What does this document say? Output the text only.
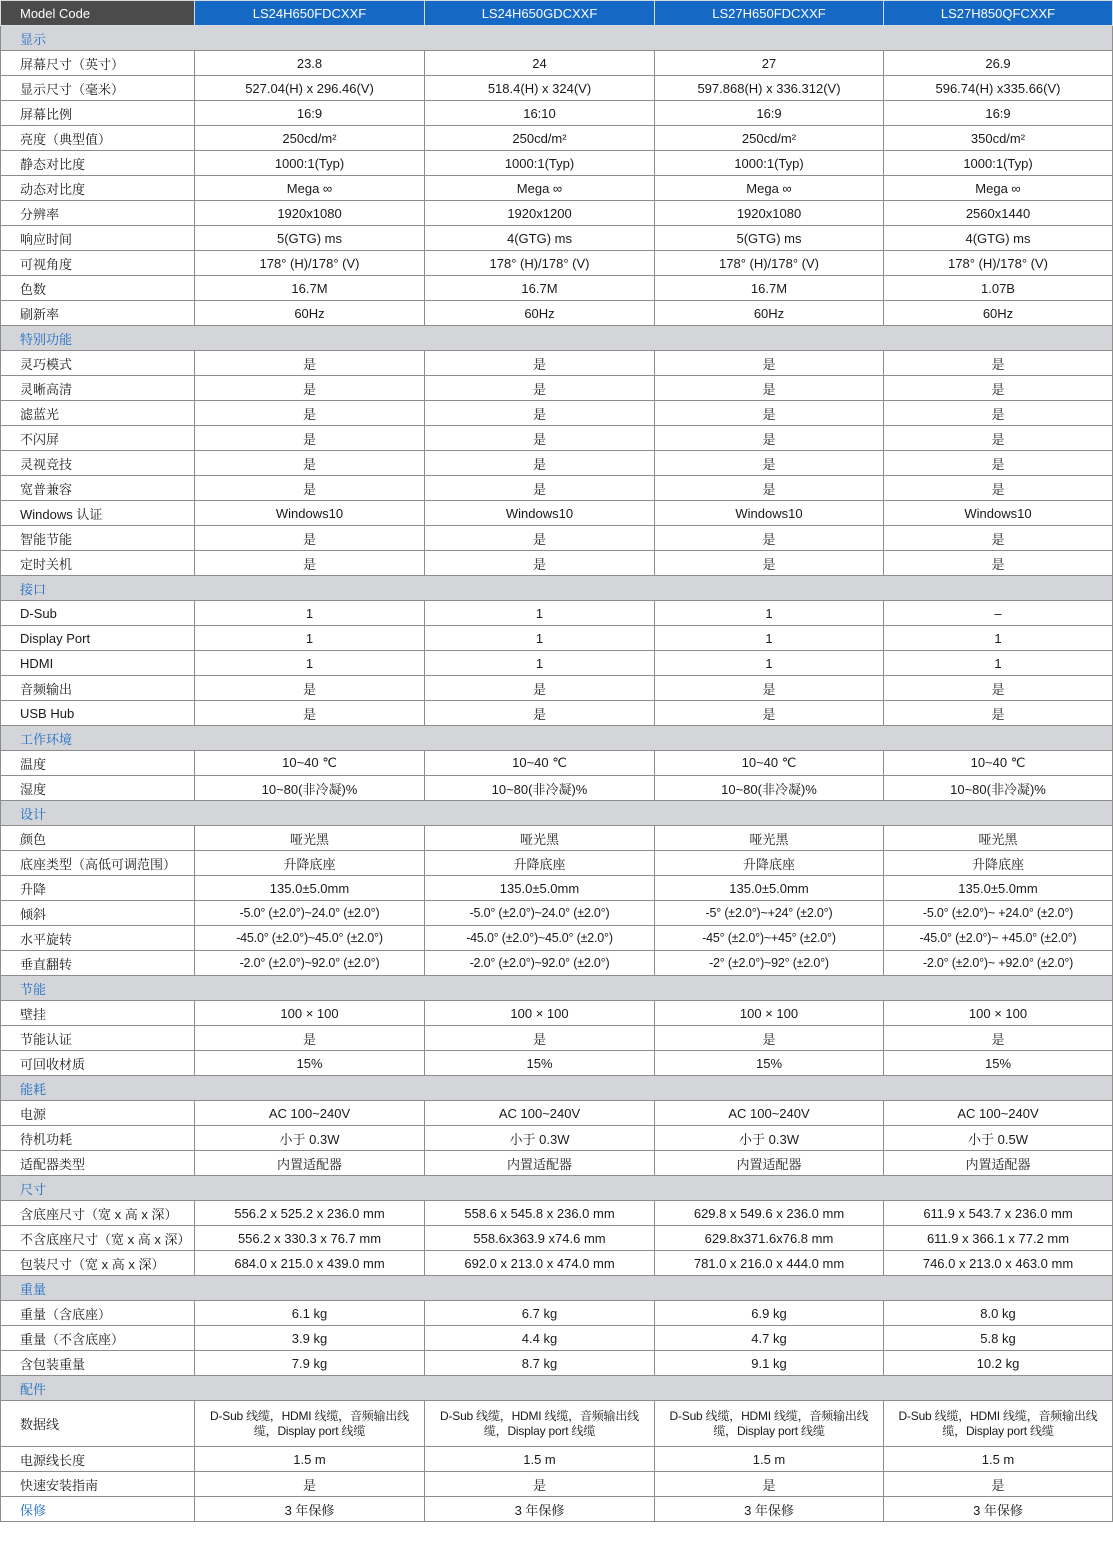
Model Code	LS24H650FDCXXF	LS24H650GDCXXF	LS27H650FDCXXF	LS27H850QFCXXF
显示				
屏幕尺寸（英寸）	23.8	24	27	26.9
显示尺寸（毫米）	527.04(H) x 296.46(V)	518.4(H) x 324(V)	597.868(H) x 336.312(V)	596.74(H) x335.66(V)
屏幕比例	16:9	16:10	16:9	16:9
亮度（典型值）	250cd/m²	250cd/m²	250cd/m²	350cd/m²
静态对比度	1000:1(Typ)	1000:1(Typ)	1000:1(Typ)	1000:1(Typ)
动态对比度	Mega ∞	Mega ∞	Mega ∞	Mega ∞
分辨率	1920x1080	1920x1200	1920x1080	2560x1440
响应时间	5(GTG) ms	4(GTG) ms	5(GTG) ms	4(GTG) ms
可视角度	178° (H)/178° (V)	178° (H)/178° (V)	178° (H)/178° (V)	178° (H)/178° (V)
色数	16.7M	16.7M	16.7M	1.07B
刷新率	60Hz	60Hz	60Hz	60Hz
特别功能				
灵巧模式	是	是	是	是
灵晰高清	是	是	是	是
滤蓝光	是	是	是	是
不闪屏	是	是	是	是
灵视竞技	是	是	是	是
宽普兼容	是	是	是	是
Windows 认证	Windows10	Windows10	Windows10	Windows10
智能节能	是	是	是	是
定时关机	是	是	是	是
接口				
D-Sub	1	1	1	–
Display Port	1	1	1	1
HDMI	1	1	1	1
音频输出	是	是	是	是
USB Hub	是	是	是	是
工作环境				
温度	10~40 ℃	10~40 ℃	10~40 ℃	10~40 ℃
湿度	10~80(非冷凝)%	10~80(非冷凝)%	10~80(非冷凝)%	10~80(非冷凝)%
设计				
颜色	哑光黑	哑光黑	哑光黑	哑光黑
底座类型（高低可调范围）	升降底座	升降底座	升降底座	升降底座
升降	135.0±5.0mm	135.0±5.0mm	135.0±5.0mm	135.0±5.0mm
倾斜	-5.0° (±2.0°)~24.0° (±2.0°)	-5.0° (±2.0°)~24.0° (±2.0°)	-5° (±2.0°)~+24° (±2.0°)	-5.0° (±2.0°)~ +24.0° (±2.0°)
水平旋转	-45.0° (±2.0°)~45.0° (±2.0°)	-45.0° (±2.0°)~45.0° (±2.0°)	-45° (±2.0°)~+45° (±2.0°)	-45.0° (±2.0°)~ +45.0° (±2.0°)
垂直翻转	-2.0° (±2.0°)~92.0° (±2.0°)	-2.0° (±2.0°)~92.0° (±2.0°)	-2° (±2.0°)~92° (±2.0°)	-2.0° (±2.0°)~ +92.0° (±2.0°)
节能				
壁挂	100 × 100	100 × 100	100 × 100	100 × 100
节能认证	是	是	是	是
可回收材质	15%	15%	15%	15%
能耗				
电源	AC 100~240V	AC 100~240V	AC 100~240V	AC 100~240V
待机功耗	小于 0.3W	小于 0.3W	小于 0.3W	小于 0.5W
适配器类型	内置适配器	内置适配器	内置适配器	内置适配器
尺寸				
含底座尺寸（宽 x 高 x 深）	556.2 x 525.2 x 236.0 mm	558.6 x 545.8 x 236.0 mm	629.8 x 549.6 x 236.0 mm	611.9 x 543.7 x 236.0 mm
不含底座尺寸（宽 x 高 x 深）	556.2 x 330.3 x 76.7 mm	558.6x363.9 x74.6 mm	629.8x371.6x76.8 mm	611.9 x 366.1 x 77.2 mm
包装尺寸（宽 x 高 x 深）	684.0 x 215.0 x 439.0 mm	692.0 x 213.0 x 474.0 mm	781.0 x 216.0 x 444.0 mm	746.0 x 213.0 x 463.0 mm
重量				
重量（含底座）	6.1 kg	6.7 kg	6.9 kg	8.0 kg
重量（不含底座）	3.9 kg	4.4 kg	4.7 kg	5.8 kg
含包装重量	7.9 kg	8.7 kg	9.1 kg	10.2 kg
配件				
数据线	D-Sub 线缆，HDMI 线缆，音频输出线缆，Display port 线缆	D-Sub 线缆，HDMI 线缆，音频输出线缆，Display port 线缆	D-Sub 线缆，HDMI 线缆，音频输出线缆，Display port 线缆	D-Sub 线缆，HDMI 线缆，音频输出线缆，Display port 线缆
电源线长度	1.5 m	1.5 m	1.5 m	1.5 m
快速安装指南	是	是	是	是
保修	3 年保修	3 年保修	3 年保修	3 年保修
